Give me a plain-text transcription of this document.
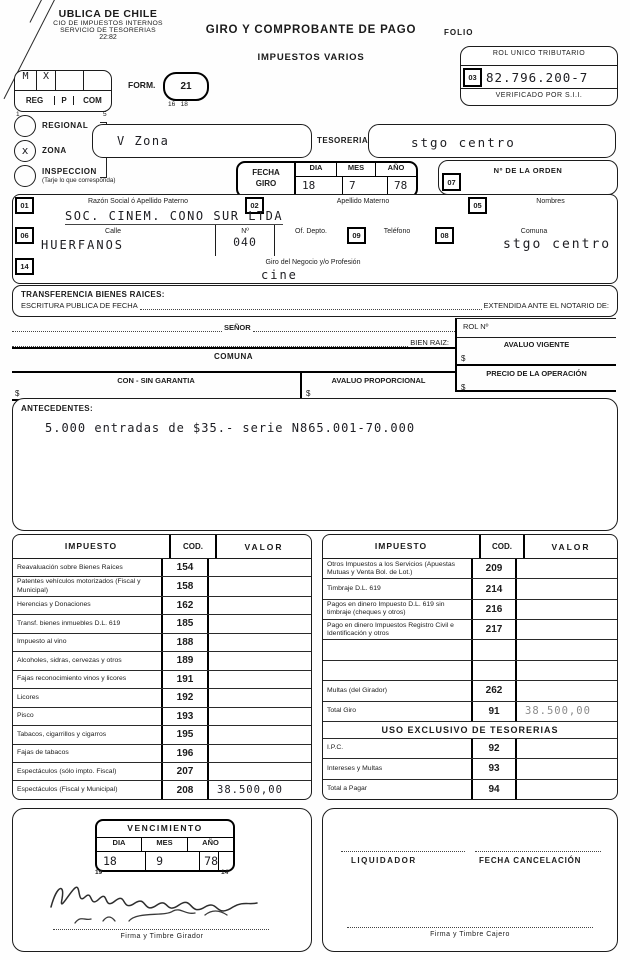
UBLICA DE CHILE
CIO DE IMPUESTOS INTERNOS
SERVICIO DE TESORERIAS
22:82
GIRO Y COMPROBANTE DE PAGO
IMPUESTOS VARIOS
FOLIO
ROL UNICO TRIBUTARIO
03 82.796.200-7
VERIFICADO POR S.I.I.
M	X
REG	P	COM
1	5
FORM.	21
16   18
REGIONAL
x	ZONA
INSPECCION
(Tarje lo que corresponda)
V Zona	TESORERIA	stgo centro
FECHA
GIRO
DIA	MES	AÑO
18	7	78
Nº DE LA ORDEN
07
01	Razón Social ó Apellido Paterno	02	Apellido Materno	05	Nombres
SOC. CINEM. CONO SUR LTDA
06	Calle
HUERFANOS
Nº
040
Of. Depto.	09	Teléfono	08	Comuna
stgo centro
14	Giro del Negocio y/o Profesión
cine
TRANSFERENCIA BIENES RAICES:
ESCRITURA PUBLICA DE FECHA	EXTENDIDA ANTE EL NOTARIO DE:
SEÑOR
BIEN RAIZ:
COMUNA
CON - SIN GARANTIA
$
AVALUO PROPORCIONAL
$
ROL Nº
AVALUO VIGENTE
$
PRECIO DE LA OPERACIÓN
$
ANTECEDENTES:
5.000 entradas de $35.- serie N865.001-70.000
IMPUESTO	COD.	VALOR
Reavaluación sobre Bienes Raíces	154
Patentes vehículos motorizados (Fiscal y Municipal)	158
Herencias y Donaciones	162
Transf. bienes inmuebles D.L. 619	185
Impuesto al vino	188
Alcoholes, sidras, cervezas y otros	189
Fajas reconocimiento vinos y licores	191
Licores	192
Pisco	193
Tabacos, cigarrillos y cigarros	195
Fajas de tabacos	196
Espectáculos (sólo impto. Fiscal)	207
Espectáculos (Fiscal y Municipal)	208	38.500,00
IMPUESTO	COD.	VALOR
Otros Impuestos a los Servicios (Apuestas Mutuas y Venta Bol. de Lot.)	209
Timbraje D.L. 619	214
Pagos en dinero Impuesto D.L. 619 sin timbraje (cheques y otros)	216
Pago en dinero Impuestos Registro Civil e Identificación y otros	217
Multas (del Girador)	262
Total Giro	91	38.500,00
USO EXCLUSIVO DE TESORERIAS
I.P.C.	92
Intereses y Multas	93
Total a Pagar	94
VENCIMIENTO
DIA	MES	AÑO
18	9	78
19	14
Firma y Timbre Girador
LIQUIDADOR	FECHA CANCELACIÓN
Firma y Timbre Cajero
